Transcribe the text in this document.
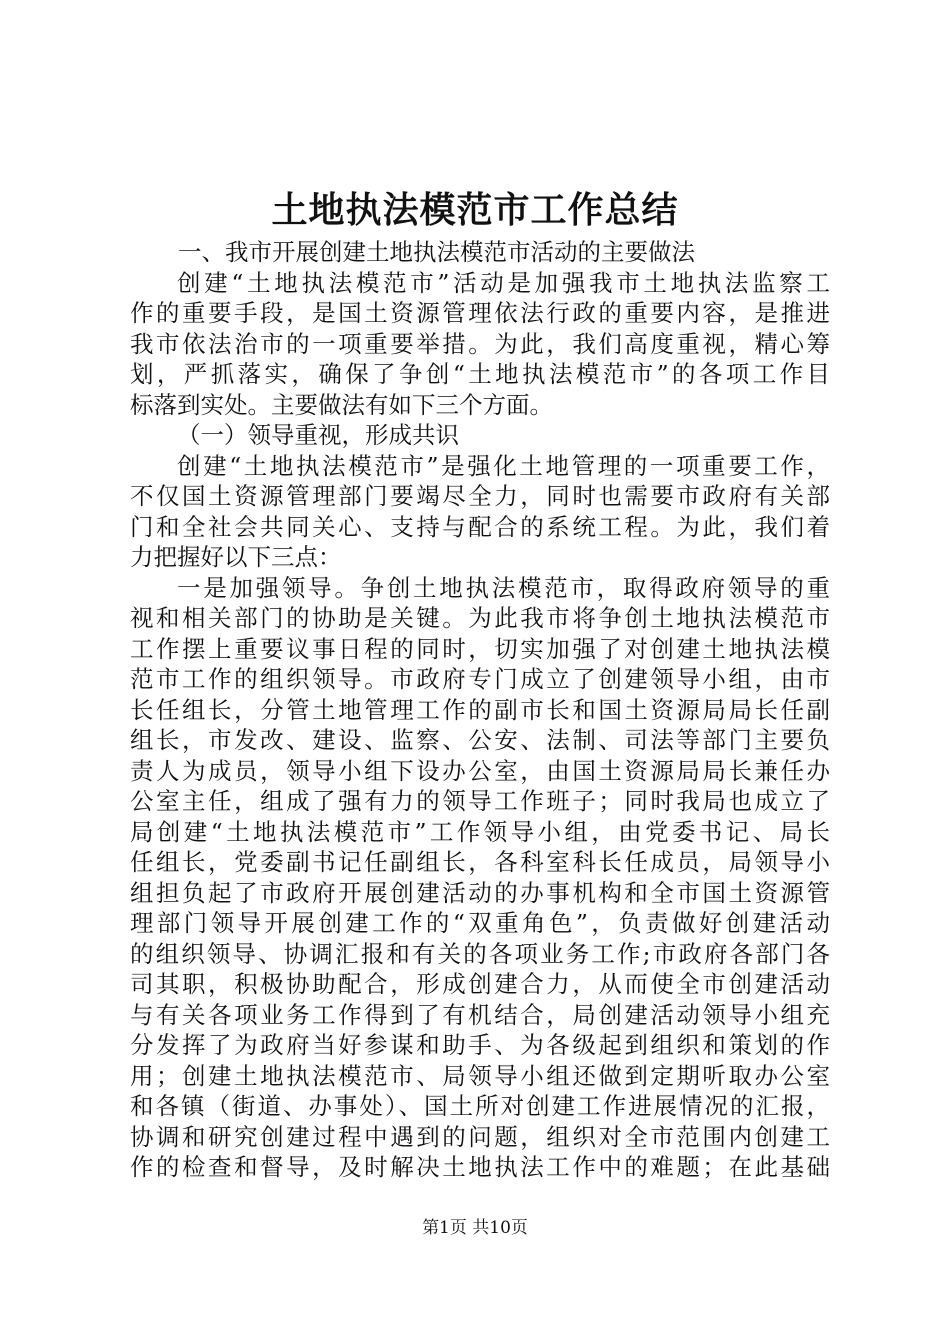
土地执法模范市工作总结
一、我市开展创建土地执法模范市活动的主要做法
创建“土地执法模范市”活动是加强我市土地执法监察工
作的重要手段，是国土资源管理依法行政的重要内容，是推进
我市依法治市的一项重要举措。为此，我们高度重视，精心筹
划，严抓落实，确保了争创“土地执法模范市”的各项工作目
标落到实处。主要做法有如下三个方面。
（一）领导重视，形成共识
创建“土地执法模范市”是强化土地管理的一项重要工作，
不仅国土资源管理部门要竭尽全力，同时也需要市政府有关部
门和全社会共同关心、支持与配合的系统工程。为此，我们着
力把握好以下三点：
一是加强领导。争创土地执法模范市，取得政府领导的重
视和相关部门的协助是关键。为此我市将争创土地执法模范市
工作摆上重要议事日程的同时，切实加强了对创建土地执法模
范市工作的组织领导。市政府专门成立了创建领导小组，由市
长任组长，分管土地管理工作的副市长和国土资源局局长任副
组长，市发改、建设、监察、公安、法制、司法等部门主要负
责人为成员，领导小组下设办公室，由国土资源局局长兼任办
公室主任，组成了强有力的领导工作班子；同时我局也成立了
局创建“土地执法模范市”工作领导小组，由党委书记、局长
任组长，党委副书记任副组长，各科室科长任成员，局领导小
组担负起了市政府开展创建活动的办事机构和全市国土资源管
理部门领导开展创建工作的“双重角色”，负责做好创建活动
的组织领导、协调汇报和有关的各项业务工作;市政府各部门各
司其职，积极协助配合，形成创建合力，从而使全市创建活动
与有关各项业务工作得到了有机结合，局创建活动领导小组充
分发挥了为政府当好参谋和助手、为各级起到组织和策划的作
用；创建土地执法模范市、局领导小组还做到定期听取办公室
和各镇（街道、办事处）、国土所对创建工作进展情况的汇报，
协调和研究创建过程中遇到的问题，组织对全市范围内创建工
作的检查和督导，及时解决土地执法工作中的难题；在此基础
第1页 共10页
